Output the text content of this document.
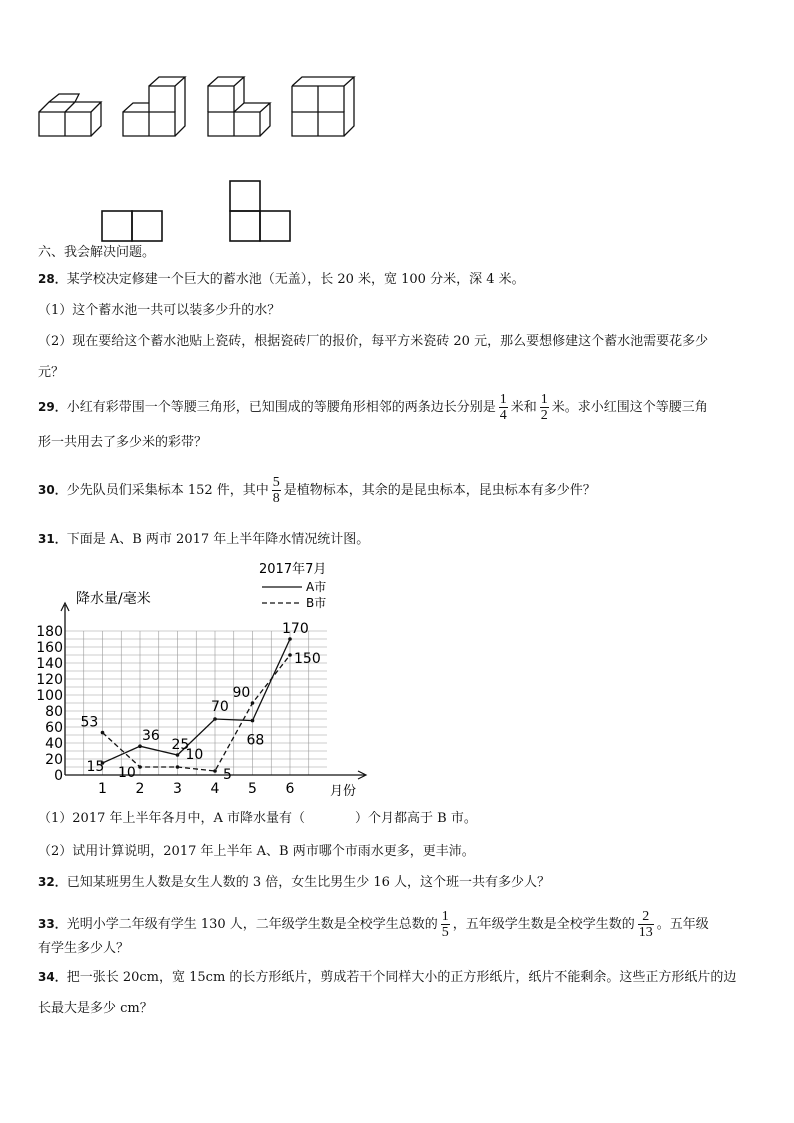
六、我会解决问题。
28．某学校决定修建一个巨大的蓄水池（无盖），长 20 米，宽 100 分米，深 4 米。
（1）这个蓄水池一共可以装多少升的水？
（2）现在要给这个蓄水池贴上瓷砖，根据瓷砖厂的报价，每平方米瓷砖 20 元，那么要想修建这个蓄水池需要花多少
元？
29．小红有彩带围一个等腰三角形，已知围成的等腰角形相邻的两条边长分别是 $\frac{1}{4}$ 米和 $\frac{1}{2}$ 米。求小红围这个等腰三角
形一共用去了多少米的彩带？
30．少先队员们采集标本 152 件，其中 $\frac{5}{8}$ 是植物标本，其余的是昆虫标本，昆虫标本有多少件？
31．下面是 A、B 两市 2017 年上半年降水情况统计图。
2017年7月
降水量/毫米
月份
A市
B市
0
20
40
60
80
100
120
140
160
180
1 2 3 4 5 6
15
36
25
70
68
170
53
10
10
5
90
150
（1）2017 年上半年各月中，A 市降水量有（	）个月都高于 B 市。
（2）试用计算说明，2017 年上半年 A、B 两市哪个市雨水更多，更丰沛。
32．已知某班男生人数是女生人数的 3 倍，女生比男生少 16 人，这个班一共有多少人？
33．光明小学二年级有学生 130 人，二年级学生数是全校学生总数的 $\frac{1}{5}$ ，五年级学生数是全校学生数的 $\frac{2}{13}$ 。五年级
有学生多少人？
34．把一张长 20cm，宽 15cm 的长方形纸片，剪成若干个同样大小的正方形纸片，纸片不能剩余。这些正方形纸片的边
长最大是多少 cm？
